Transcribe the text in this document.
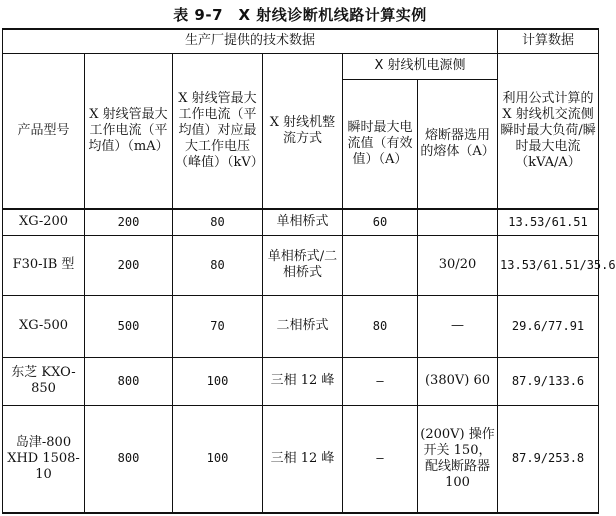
表 9-7　X 射线诊断机线路计算实例
生产厂提供的技术数据						计算数据

产品型号	X 射线管最大工作电流（平均值）（mA）	X 射线管最大工作电流（平均值）对应最大工作电压（峰值）（kV）	X 射线机整流方式	X 射线机电源侧		利用公式计算的 X 射线机交流侧瞬时最大负荷/瞬时最大电流（kVA/A）

				瞬时最大电流值（有效值）（A）	熔断器选用的熔体（A）	

XG-200	200	80	单相桥式	60		13.53/61.51
F30-IB 型	200	80	单相桥式/二相桥式		30/20	13.53/61.51/35.6
XG-500	500	70	二相桥式	80	—	29.6/77.91
东芝 KXO-850	800	100	三相 12 峰	—	(380V) 60	87.9/133.6
岛津-800 XHD 1508-10	800	100	三相 12 峰	—	(200V) 操作开关 150，配线断路器 100	87.9/253.8
